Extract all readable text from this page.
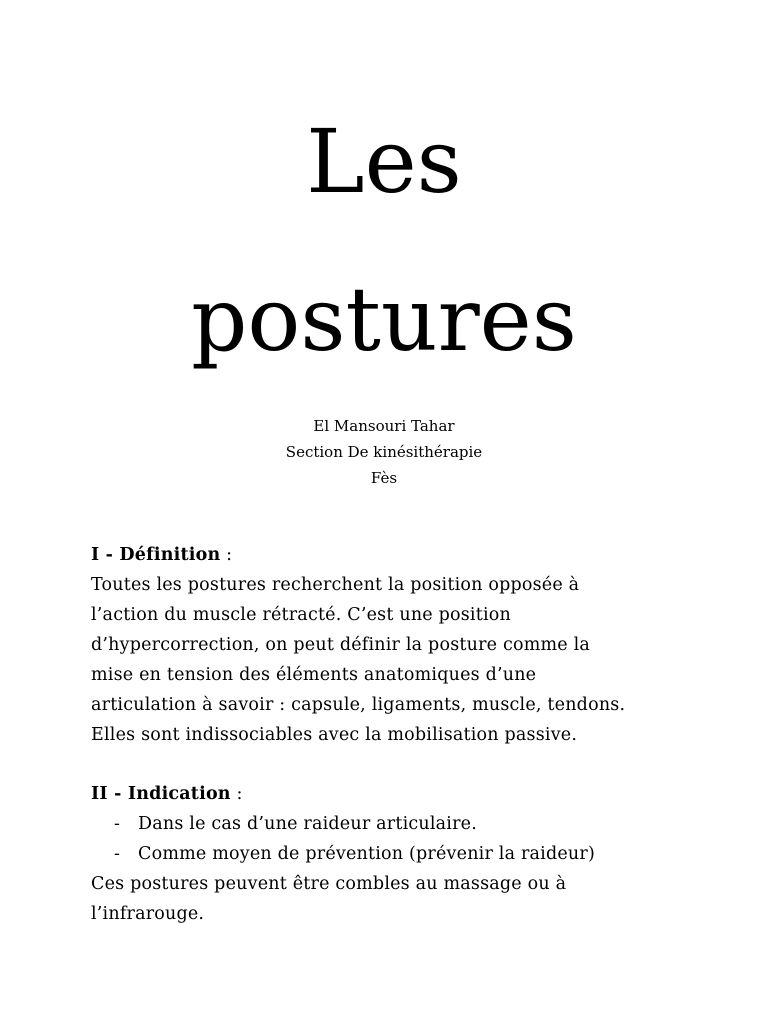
Les
postures
El Mansouri Tahar
Section De kinésithérapie
Fès

I - Définition :

Toutes les postures recherchent la position opposée à

l’action du muscle rétracté. C’est une position

d’hypercorrection, on peut définir la posture comme la

mise en tension des éléments anatomiques d’une

articulation à savoir : capsule, ligaments, muscle, tendons.

Elles sont indissociables avec la mobilisation passive.

II - Indication :

- Dans le cas d’une raideur articulaire.
- Comme moyen de prévention (prévenir la raideur)

Ces postures peuvent être combles au massage ou à

l’infrarouge.
